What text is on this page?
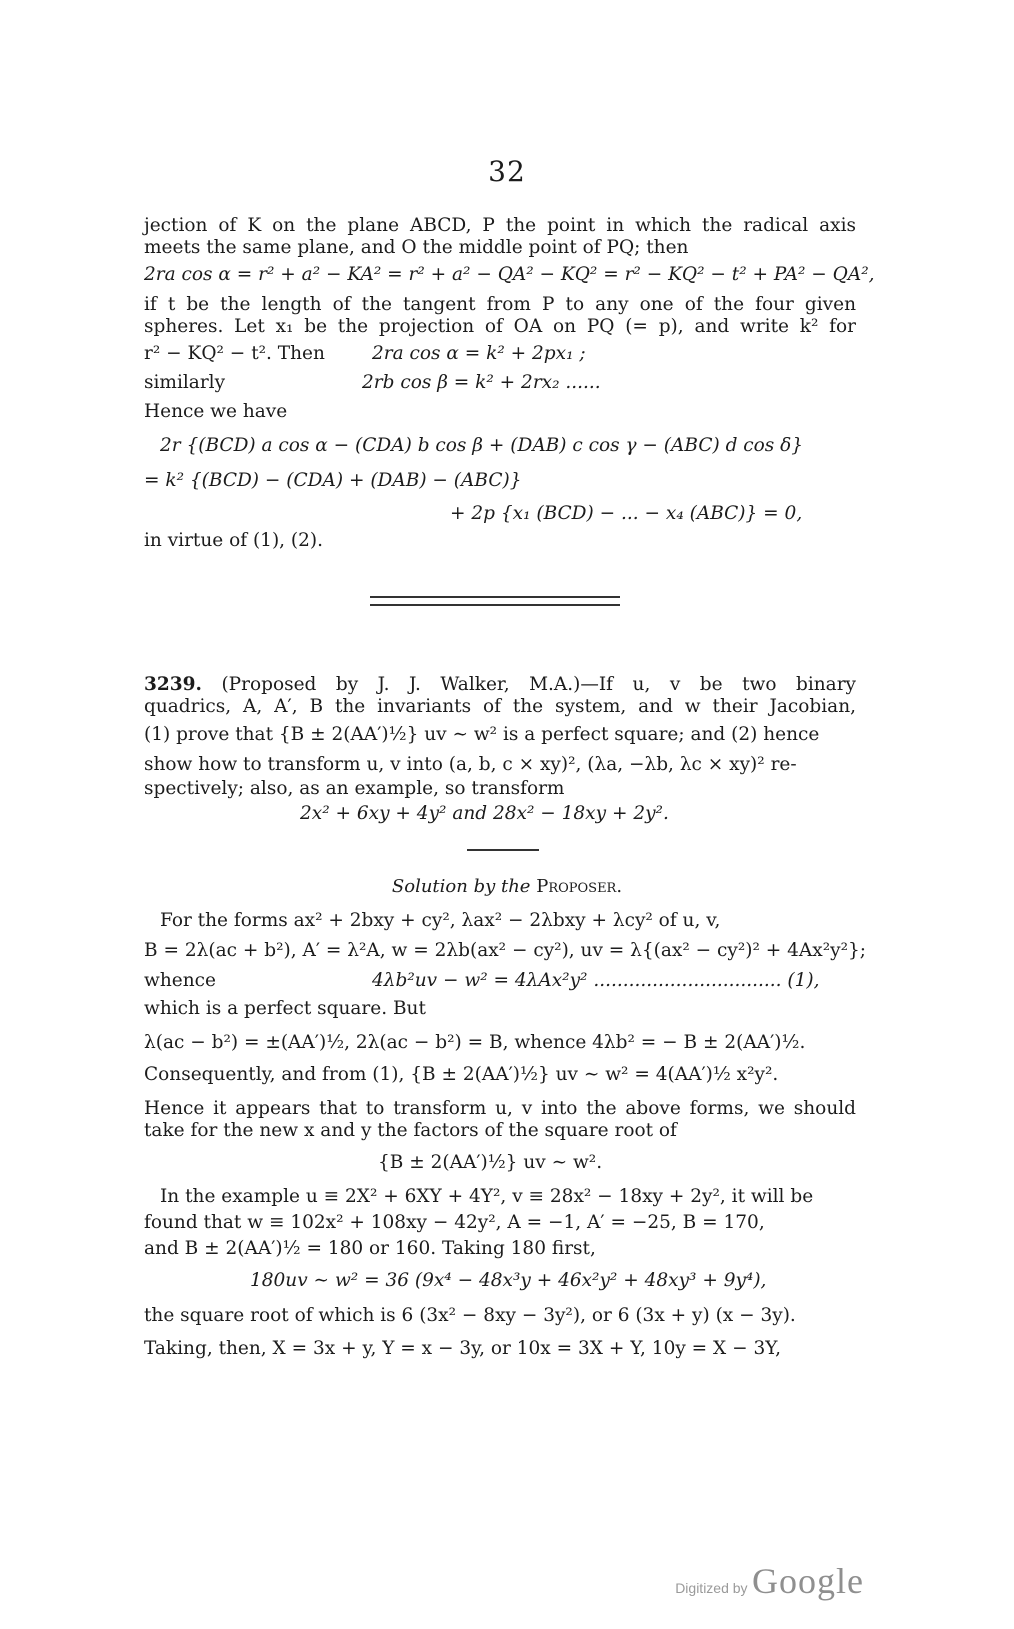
32
jection of K on the plane ABCD, P the point in which the radical axis
meets the same plane, and O the middle point of PQ; then
2ra cos α = r² + a² − KA² = r² + a² − QA² − KQ² = r² − KQ² − t² + PA² − QA²,
if t be the length of the tangent from P to any one of the four given
spheres. Let x₁ be the projection of OA on PQ (= p), and write k² for
r² − KQ² − t². Then	2ra cos α = k² + 2px₁ ;
similarly	2rb cos β = k² + 2rx₂ ......
Hence we have
2r {(BCD) a cos α − (CDA) b cos β + (DAB) c cos γ − (ABC) d cos δ}
= k² {(BCD) − (CDA) + (DAB) − (ABC)}
+ 2p {x₁ (BCD) − ... − x₄ (ABC)} = 0,
in virtue of (1), (2).
3239. (Proposed by J. J. Walker, M.A.)—If u, v be two binary
quadrics, A, A′, B the invariants of the system, and w their Jacobian,
(1) prove that {B ± 2(AA′)½} uv ∼ w² is a perfect square; and (2) hence
show how to transform u, v into (a, b, c ⨯ xy)², (λa, −λb, λc ⨯ xy)² re-
spectively; also, as an example, so transform
2x² + 6xy + 4y² and 28x² − 18xy + 2y².
Solution by the Proposer.
For the forms ax² + 2bxy + cy², λax² − 2λbxy + λcy² of u, v,
B = 2λ(ac + b²), A′ = λ²A, w = 2λb(ax² − cy²), uv = λ{(ax² − cy²)² + 4Ax²y²};
whence	4λb²uv − w² = 4λAx²y² ................................ (1),
which is a perfect square. But
λ(ac − b²) = ±(AA′)½, 2λ(ac − b²) = B, whence 4λb² = − B ± 2(AA′)½.
Consequently, and from (1), {B ± 2(AA′)½} uv ∼ w² = 4(AA′)½ x²y².
Hence it appears that to transform u, v into the above forms, we should
take for the new x and y the factors of the square root of
{B ± 2(AA′)½} uv ∼ w².
In the example u ≡ 2X² + 6XY + 4Y², v ≡ 28x² − 18xy + 2y², it will be
found that w ≡ 102x² + 108xy − 42y², A = −1, A′ = −25, B = 170,
and B ± 2(AA′)½ = 180 or 160. Taking 180 first,
180uv ∼ w² = 36 (9x⁴ − 48x³y + 46x²y² + 48xy³ + 9y⁴),
the square root of which is 6 (3x² − 8xy − 3y²), or 6 (3x + y) (x − 3y).
Taking, then, X = 3x + y, Y = x − 3y, or 10x = 3X + Y, 10y = X − 3Y,
Digitized by Google
